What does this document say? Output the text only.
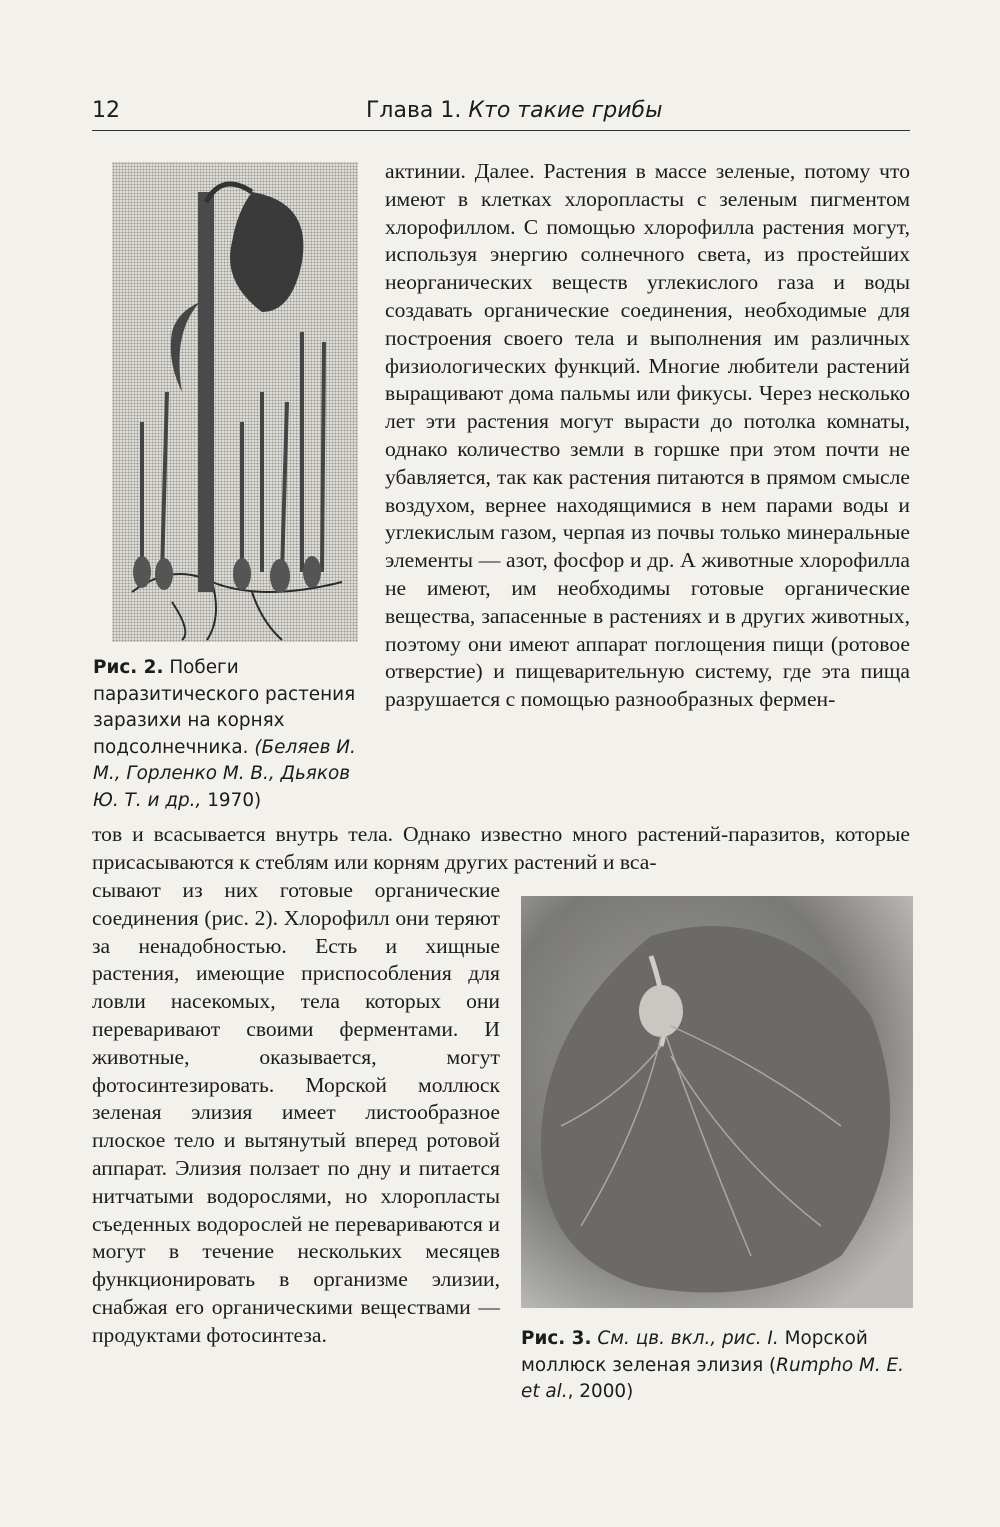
12	Глава 1. Кто такие грибы
Рис. 2. Побеги паразитического растения заразихи на корнях подсолнечника. (Беляев И. М., Горленко М. В., Дьяков Ю. Т. и др., 1970)

актинии. Далее. Растения в массе зеленые, потому что имеют в клетках хлоропласты с зеленым пигментом хлорофиллом. С помощью хлорофилла растения могут, используя энергию солнечного света, из простейших неорганических веществ углекислого газа и воды создавать органические соединения, необходимые для построения своего тела и выполнения им различных физиологических функций. Многие любители растений выращивают дома пальмы или фикусы. Через несколько лет эти растения могут вырасти до потолка комнаты, однако количество земли в горшке при этом почти не убавляется, так как растения питаются в прямом смысле воздухом, вернее находящимися в нем парами воды и углекислым газом, черпая из почвы только минеральные элементы — азот, фосфор и др. А животные хлорофилла не имеют, им необходимы готовые органические вещества, запасенные в растениях и в других животных, поэтому они имеют аппарат поглощения пищи (ротовое отверстие) и пищеварительную систему, где эта пища разрушается с помощью разнообразных фермен-

тов и всасывается внутрь тела. Однако известно много растений-паразитов, которые присасываются к стеблям или корням других растений и вса-

сывают из них готовые органические соединения (рис. 2). Хлорофилл они теряют за ненадобностью. Есть и хищные растения, имеющие приспособления для ловли насекомых, тела которых они переваривают своими ферментами. И животные, оказывается, могут фотосинтезировать. Морской моллюск зеленая элизия имеет листообразное плоское тело и вытянутый вперед ротовой аппарат. Элизия ползает по дну и питается нитчатыми водорослями, но хлоропласты съеденных водорослей не перевариваются и могут в течение нескольких месяцев функционировать в организме элизии, снабжая его органическими веществами — продуктами фотосинтеза.	Рис. 3. См. цв. вкл., рис. I. Морской моллюск зеленая элизия (Rumpho M. E. et al., 2000)
